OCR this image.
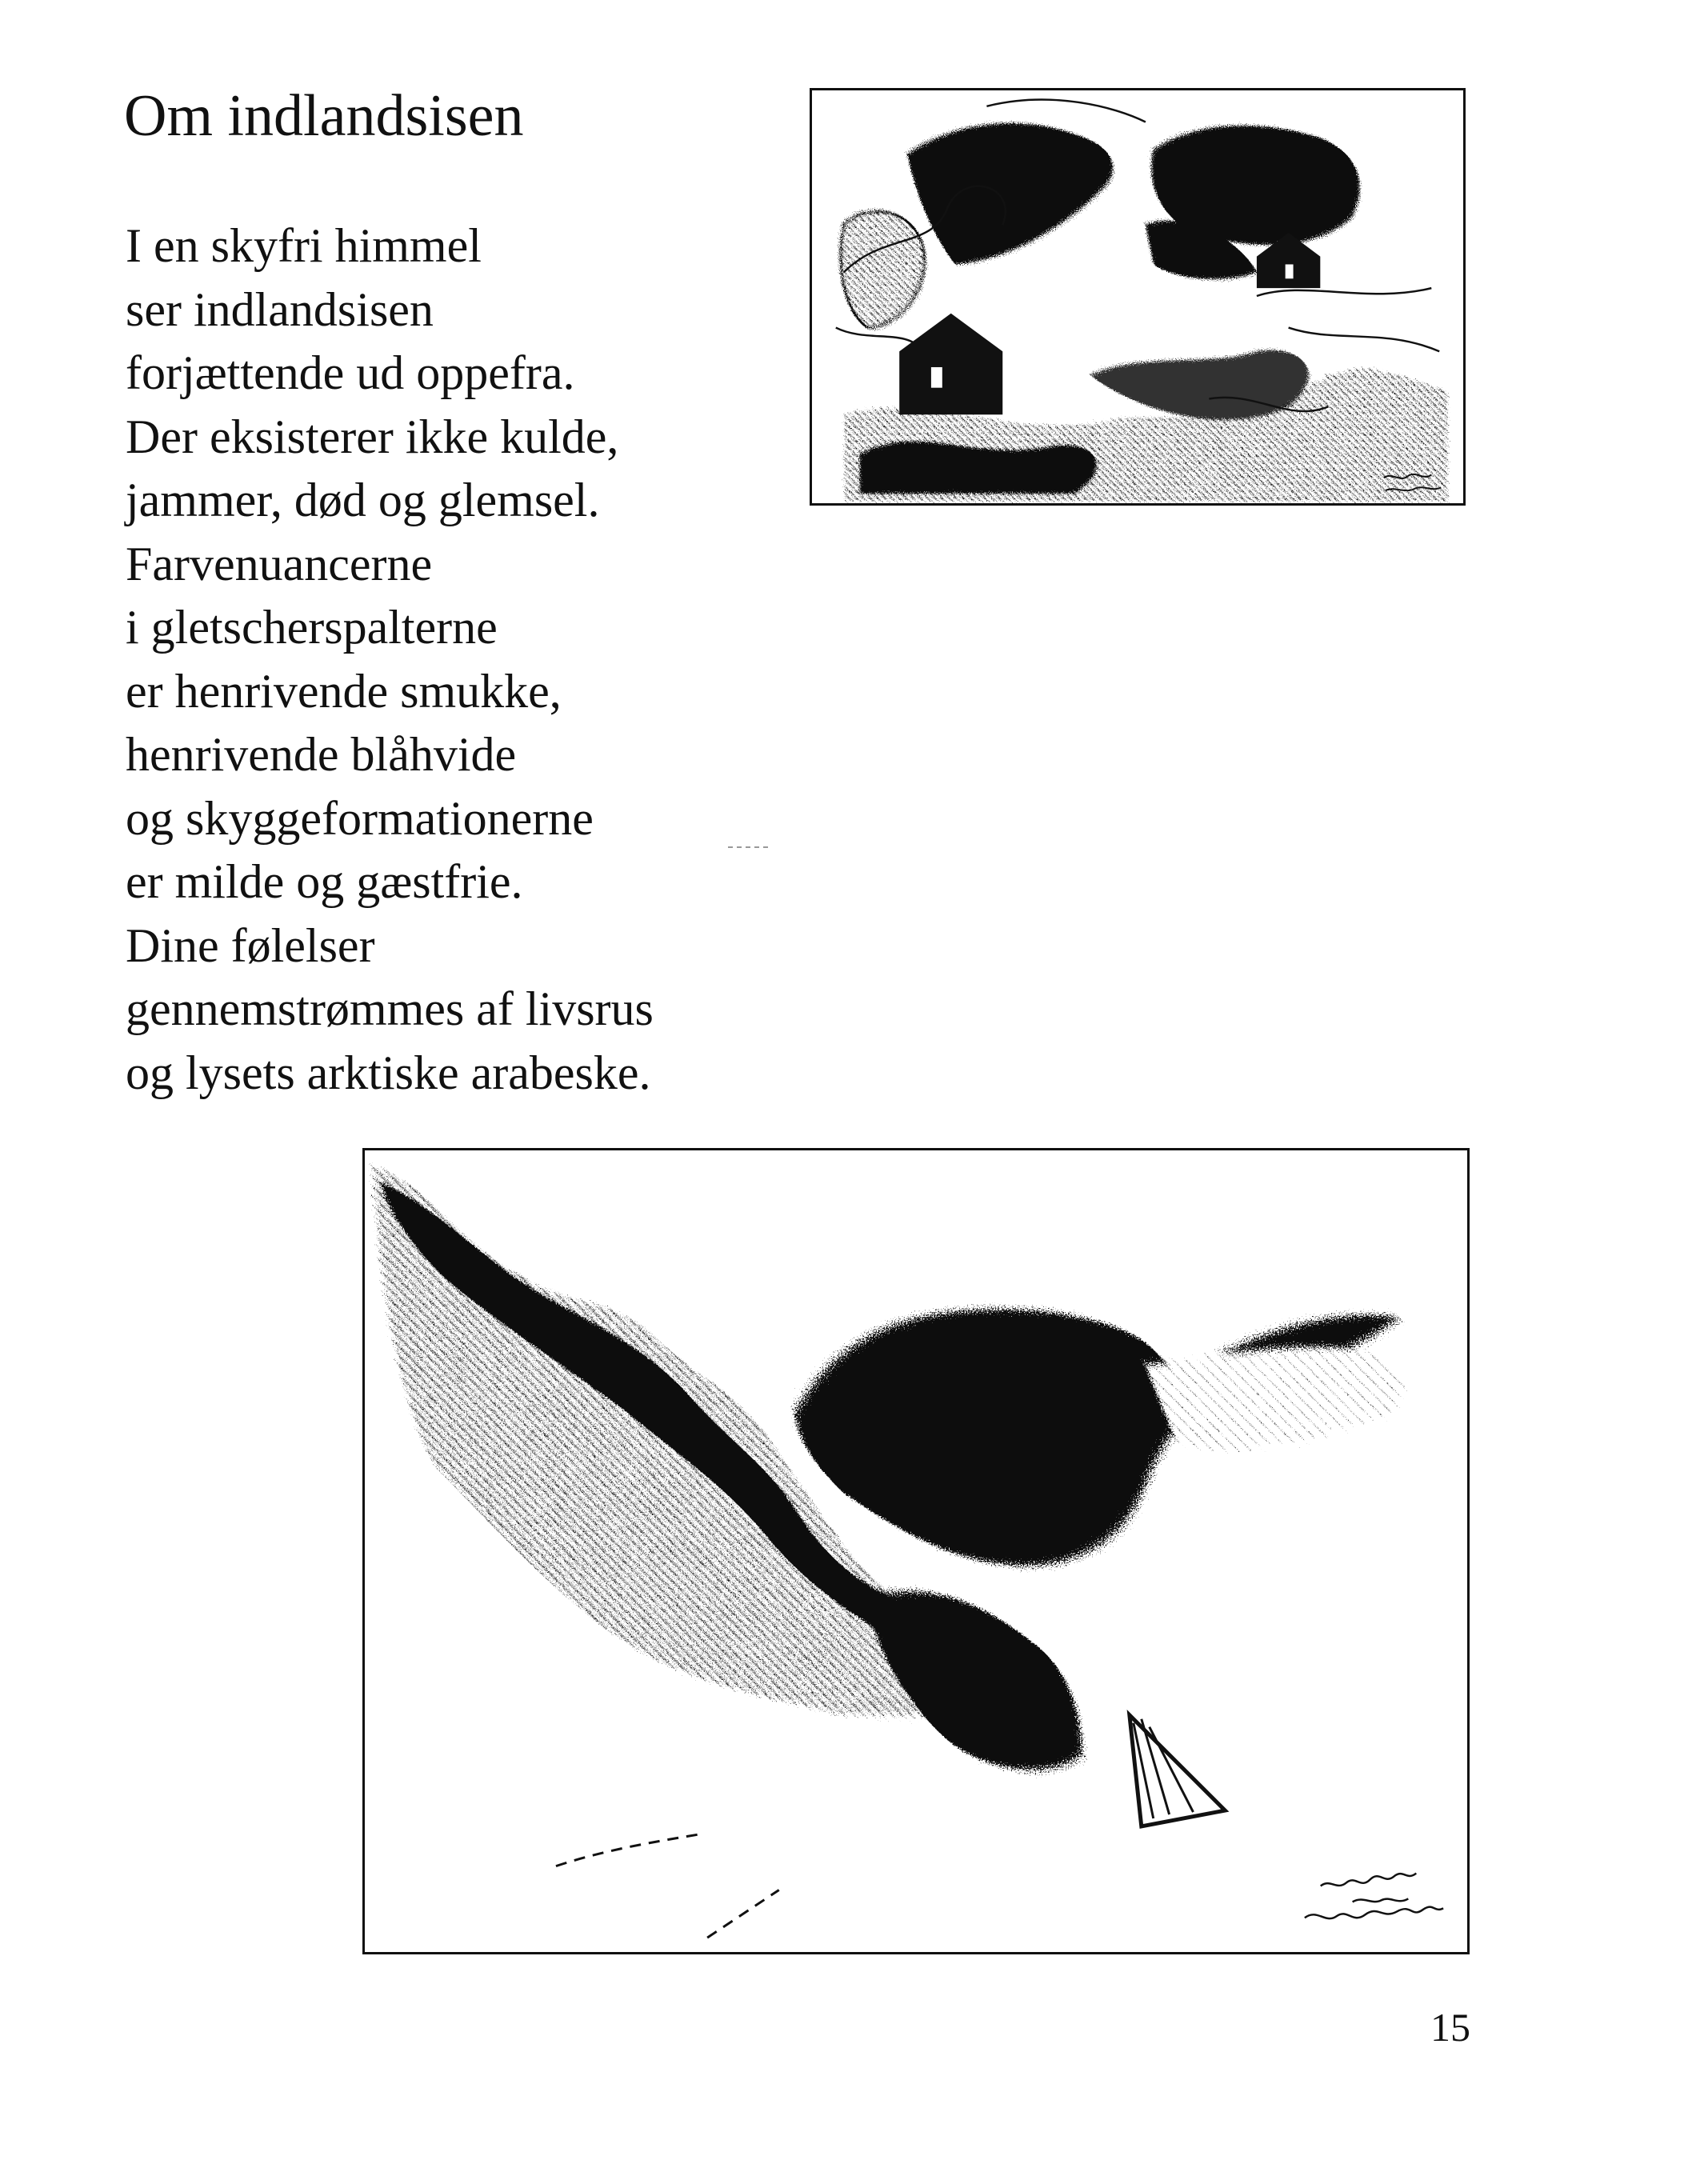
Om indlandsisen
I en skyfri himmel
ser indlandsisen
forjættende ud oppefra.
Der eksisterer ikke kulde,
jammer, død og glemsel.
Farvenuancerne
i gletscherspalterne
er henrivende smukke,
henrivende blåhvide
og skyggeformationerne
er milde og gæstfrie.
Dine følelser
gennemstrømmes af livsrus
og lysets arktiske arabeske.

15
